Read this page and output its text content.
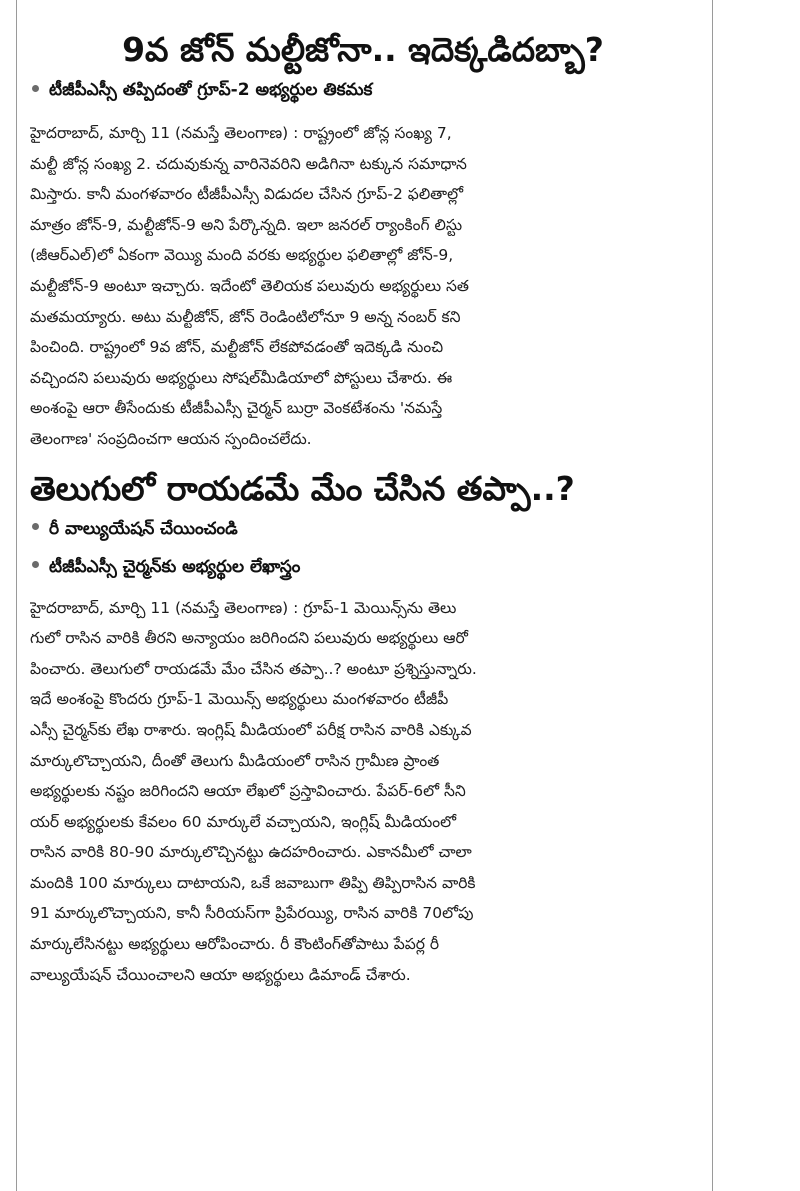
9వ జోన్‌ మల్టీజోనా.. ఇదెక్కడిదబ్బా?
టీజీపీఎస్సీ తప్పిదంతో గ్రూప్‌-2 అభ్యర్థుల తికమక
హైదరాబాద్‌, మార్చి 11 (నమస్తే తెలంగాణ) : రాష్ట్రంలో జోన్ల సంఖ్య 7,
మల్టీ జోన్ల సంఖ్య 2. చదువుకున్న వారినెవరిని అడిగినా టక్కున సమాధాన
మిస్తారు. కానీ మంగళవారం టీజీపీఎస్సీ విడుదల చేసిన గ్రూప్‌-2 ఫలితాల్లో
మాత్రం జోన్‌-9, మల్టీజోన్‌-9 అని పేర్కొన్నది. ఇలా జనరల్‌ ర్యాంకింగ్‌ లిస్టు
(జీఆర్‌ఎల్‌)లో ఏకంగా వెయ్యి మంది వరకు అభ్యర్థుల ఫలితాల్లో జోన్‌-9,
మల్టీజోన్‌-9 అంటూ ఇచ్చారు. ఇదేంటో తెలియక పలువురు అభ్యర్థులు సత
మతమయ్యారు. అటు మల్టీజోన్‌, జోన్‌ రెండింటిలోనూ 9 అన్న నంబర్‌ కని
పించింది. రాష్ట్రంలో 9వ జోన్‌, మల్టీజోన్‌ లేకపోవడంతో ఇదెక్కడి నుంచి
వచ్చిందని పలువురు అభ్యర్థులు సోషల్‌మీడియాలో పోస్టులు చేశారు. ఈ
అంశంపై ఆరా తీసేందుకు టీజీపీఎస్సీ చైర్మన్‌ బుర్రా వెంకటేశంను 'నమస్తే
తెలంగాణ' సంప్రదించగా ఆయన స్పందించలేదు.
తెలుగులో రాయడమే మేం చేసిన తప్పా..?
రీ వాల్యుయేషన్‌ చేయించండి
టీజీపీఎస్సీ చైర్మన్‌కు అభ్యర్థుల లేఖాస్త్రం
హైదరాబాద్‌, మార్చి 11 (నమస్తే తెలంగాణ) : గ్రూప్‌-1 మెయిన్స్‌ను తెలు
గులో రాసిన వారికి తీరని అన్యాయం జరిగిందని పలువురు అభ్యర్థులు ఆరో
పించారు. తెలుగులో రాయడమే మేం చేసిన తప్పా..? అంటూ ప్రశ్నిస్తున్నారు.
ఇదే అంశంపై కొందరు గ్రూప్‌-1 మెయిన్స్‌ అభ్యర్థులు మంగళవారం టీజీపీ
ఎస్సీ చైర్మన్‌కు లేఖ రాశారు. ఇంగ్లిష్‌ మీడియంలో పరీక్ష రాసిన వారికి ఎక్కువ
మార్కులొచ్చాయని, దీంతో తెలుగు మీడియంలో రాసిన గ్రామీణ ప్రాంత
అభ్యర్థులకు నష్టం జరిగిందని ఆయా లేఖలో ప్రస్తావించారు. పేపర్‌-6లో సీని
యర్‌ అభ్యర్థులకు కేవలం 60 మార్కులే వచ్చాయని, ఇంగ్లిష్‌ మీడియంలో
రాసిన వారికి 80-90 మార్కులొచ్చినట్టు ఉదహరించారు. ఎకానమీలో చాలా
మందికి 100 మార్కులు దాటాయని, ఒకే జవాబుగా తిప్పి తిప్పిరాసిన వారికి
91 మార్కులొచ్చాయని, కానీ సీరియస్‌గా ప్రిపేరయ్యి, రాసిన వారికి 70లోపు
మార్కులేసినట్టు అభ్యర్థులు ఆరోపించారు. రీ కౌంటింగ్‌తోపాటు పేపర్ల రీ
వాల్యుయేషన్‌ చేయించాలని ఆయా అభ్యర్థులు డిమాండ్‌ చేశారు.
